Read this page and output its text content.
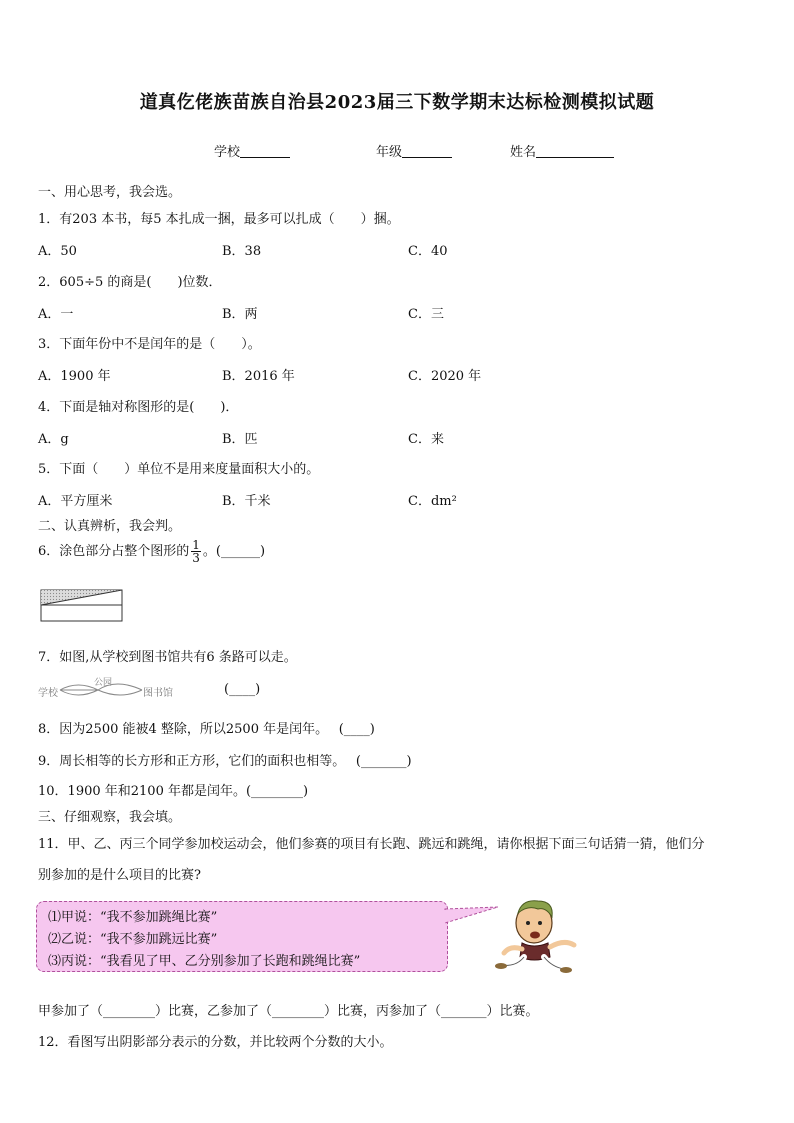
道真仡佬族苗族自治县2023届三下数学期末达标检测模拟试题
学校	年级	姓名
一、用心思考，我会选。
1．有203 本书，每5 本扎成一捆，最多可以扎成（　　）捆。
A．50	B．38	C．40
2．605÷5 的商是(　　)位数．
A．一	B．两	C．三
3．下面年份中不是闰年的是（　　）。
A．1900 年	B．2016 年	C．2020 年
4．下面是轴对称图形的是(　　)．
A．g	B．匹	C．来
5．下面（　　）单位不是用来度量面积大小的。
A．平方厘米	B．千米	C．dm²
二、认真辨析，我会判。
6．涂色部分占整个图形的 $\frac{1}{3}$ 。(______)
7．如图,从学校到图书馆共有6 条路可以走。
学校
公园
图书馆	(____)
8．因为2500 能被4 整除，所以2500 年是闰年。　 (____)
9．周长相等的长方形和正方形，它们的面积也相等。　 (_______)
10．1900 年和2100 年都是闰年。(________)
三、仔细观察，我会填。
11．甲、乙、丙三个同学参加校运动会，他们参赛的项目有长跑、跳远和跳绳，请你根据下面三句话猜一猜，他们分
别参加的是什么项目的比赛?
⑴甲说：“我不参加跳绳比赛”
⑵乙说：“我不参加跳远比赛”
⑶丙说：“我看见了甲、乙分别参加了长跑和跳绳比赛”
甲参加了（________）比赛，乙参加了（________）比赛，丙参加了（_______）比赛。
12．看图写出阴影部分表示的分数，并比较两个分数的大小。
